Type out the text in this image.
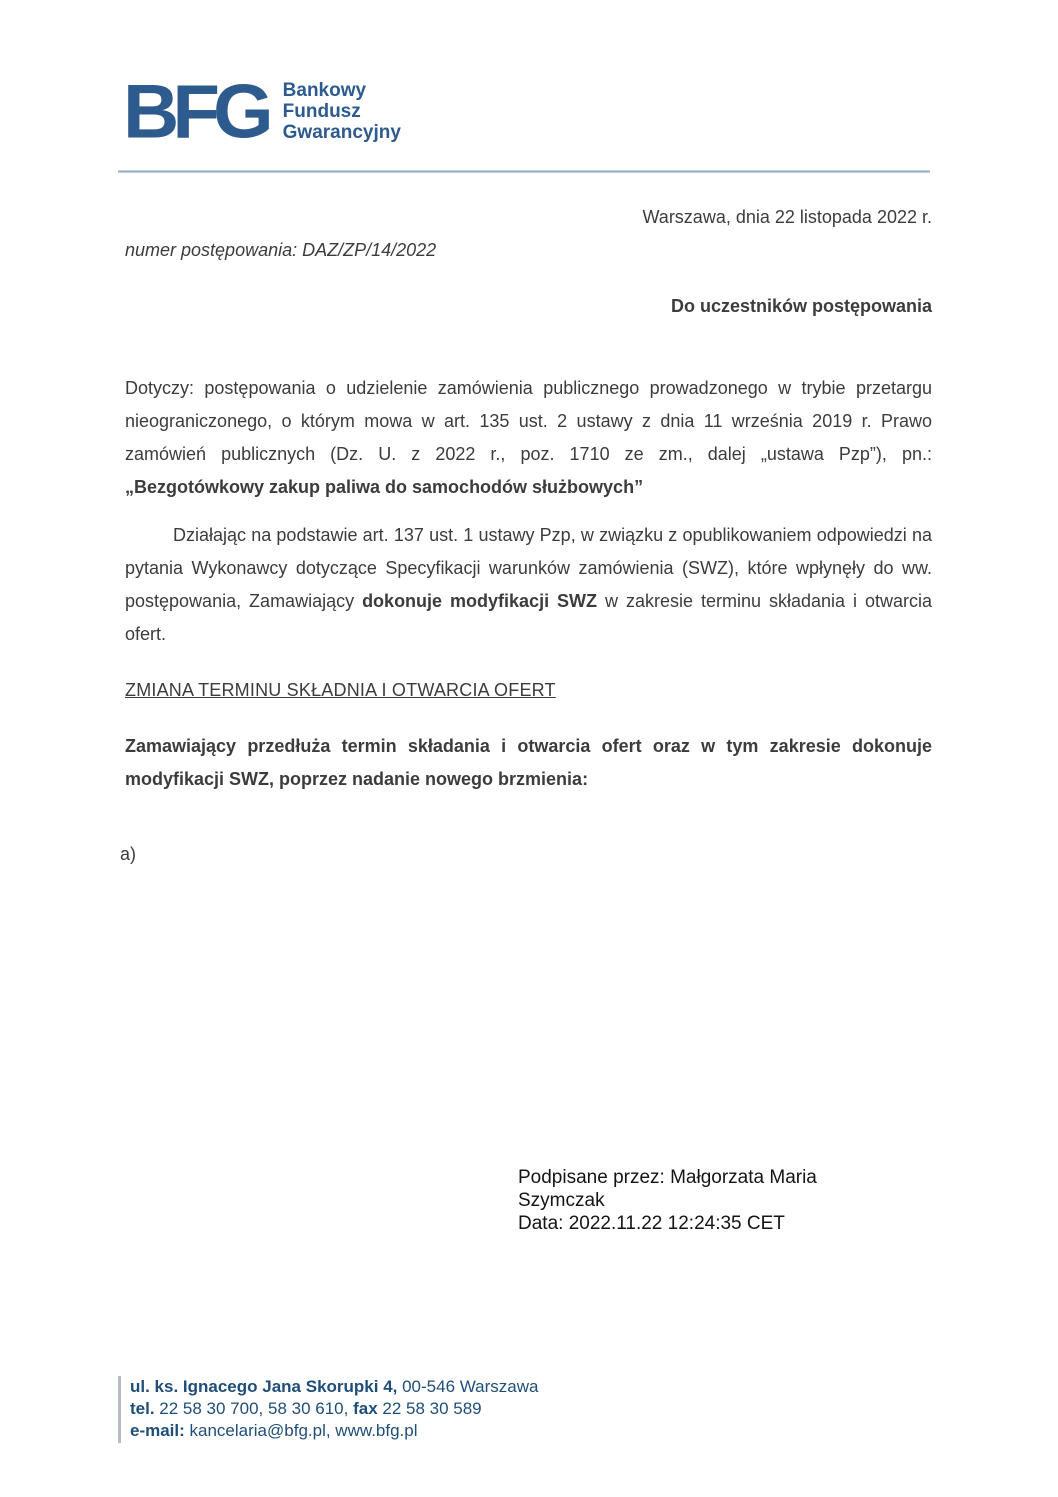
BFG Bankowy
Fundusz
Gwarancyjny
Warszawa, dnia 22 listopada 2022 r.
numer postępowania: DAZ/ZP/14/2022
Do uczestników postępowania

Dotyczy: postępowania o udzielenie zamówienia publicznego prowadzonego w trybie przetargu nieograniczonego, o którym mowa w art. 135 ust. 2 ustawy z dnia 11 września 2019 r. Prawo zamówień publicznych (Dz. U. z 2022 r., poz. 1710 ze zm., dalej „ustawa Pzp”), pn.: „Bezgotówkowy zakup paliwa do samochodów służbowych”

Działając na podstawie art. 137 ust. 1 ustawy Pzp, w związku z opublikowaniem odpowiedzi na pytania Wykonawcy dotyczące Specyfikacji warunków zamówienia (SWZ), które wpłynęły do ww. postępowania, Zamawiający dokonuje modyfikacji SWZ w zakresie terminu składania i otwarcia ofert.

ZMIANA TERMINU SKŁADNIA I OTWARCIA OFERT

Zamawiający przedłuża termin składania i otwarcia ofert oraz w tym zakresie dokonuje modyfikacji SWZ, poprzez nadanie nowego brzmienia:

a)
Podpisane przez: Małgorzata Maria
Szymczak
Data: 2022.11.22 12:24:35 CET
ul. ks. Ignacego Jana Skorupki 4, 00-546 Warszawa
tel. 22 58 30 700, 58 30 610, fax 22 58 30 589
e-mail: kancelaria@bfg.pl, www.bfg.pl
